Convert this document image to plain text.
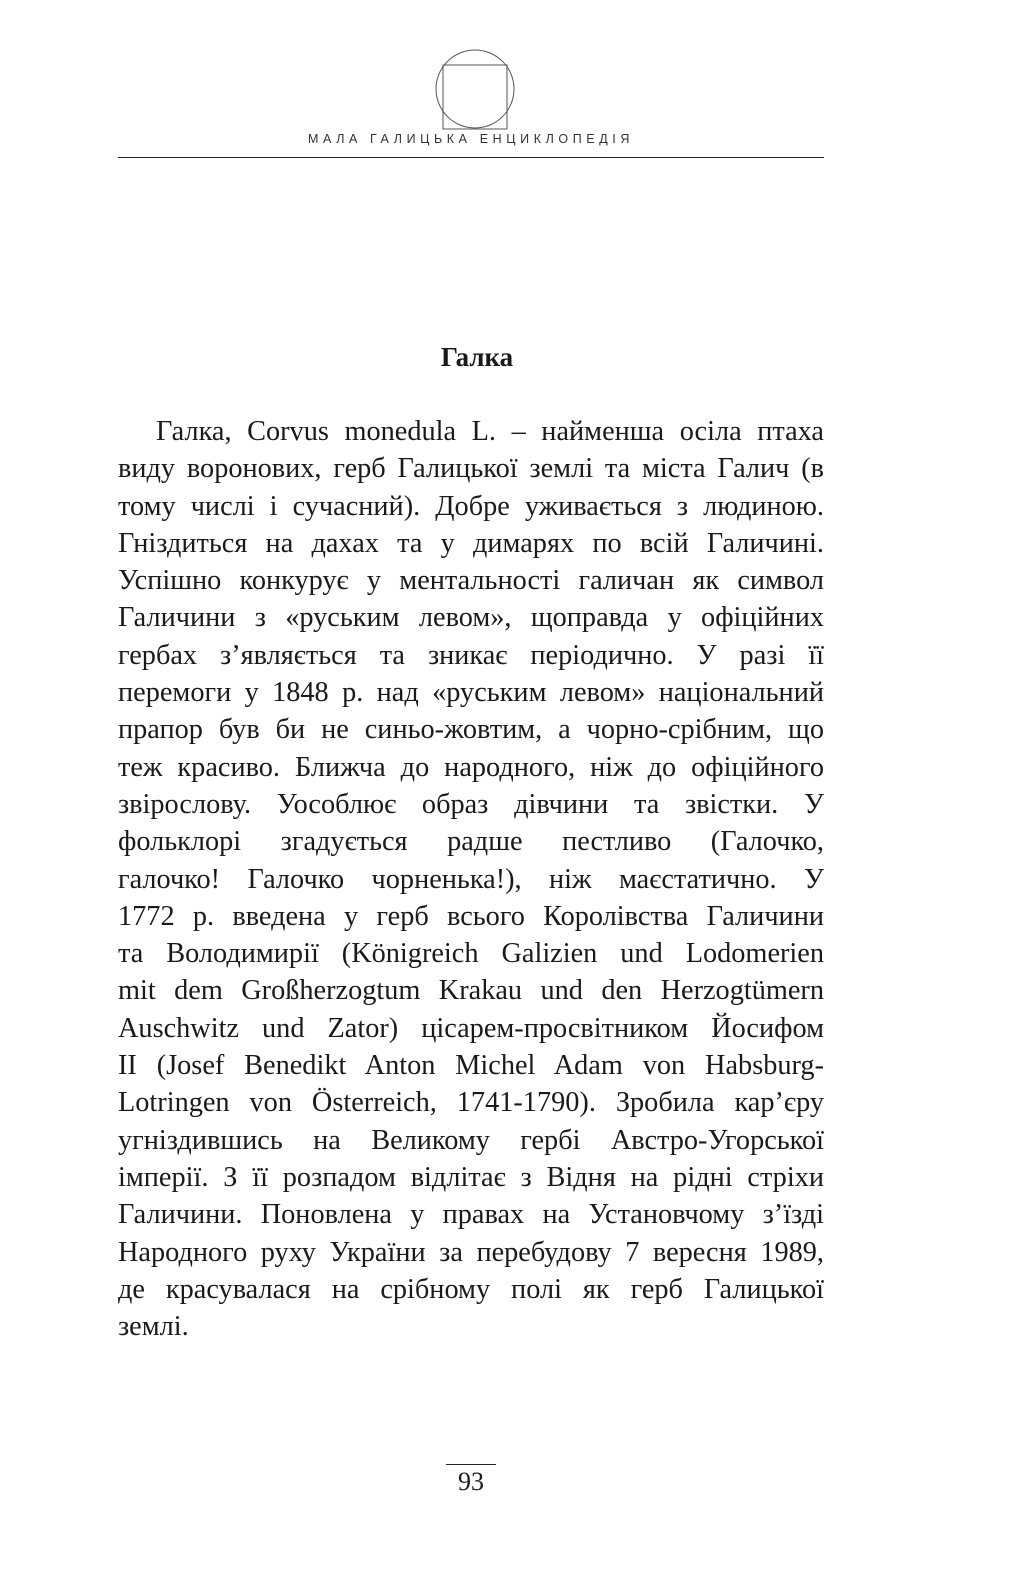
МАЛА ГАЛИЦЬКА ЕНЦИКЛОПЕДІЯ
Галка
Галка, Corvus monedula L. – найменша осіла птаха
виду воронових, герб Галицької землі та міста Галич (в
тому числі і сучасний). Добре уживається з людиною.
Гніздиться на дахах та у димарях по всій Галичині.
Успішно конкурує у ментальності галичан як символ
Галичини з «руським левом», щоправда у офіційних
гербах з’являється та зникає періодично. У разі її
перемоги у 1848 р. над «руським левом» національний
прапор був би не синьо-жовтим, а чорно-срібним, що
теж красиво. Ближча до народного, ніж до офіційного
звірослову. Уособлює образ дівчини та звістки. У
фольклорі згадується радше пестливо (Галочко,
галочко! Галочко чорненька!), ніж маєстатично. У
1772 р. введена у герб всього Королівства Галичини
та Володимирії (Königreich Galizien und Lodomerien
mit dem Großherzogtum Krakau und den Herzogtümern
Auschwitz und Zator) цісарем-просвітником Йосифом
II (Josef Benedikt Anton Michel Adam von Habsburg-
Lotringen von Österreich, 1741-1790). Зробила кар’єру
угніздившись на Великому гербі Австро-Угорської
імперії. З її розпадом відлітає з Відня на рідні стріхи
Галичини. Поновлена у правах на Установчому з’їзді
Народного руху України за перебудову 7 вересня 1989,
де красувалася на срібному полі як герб Галицької
землі.
93
